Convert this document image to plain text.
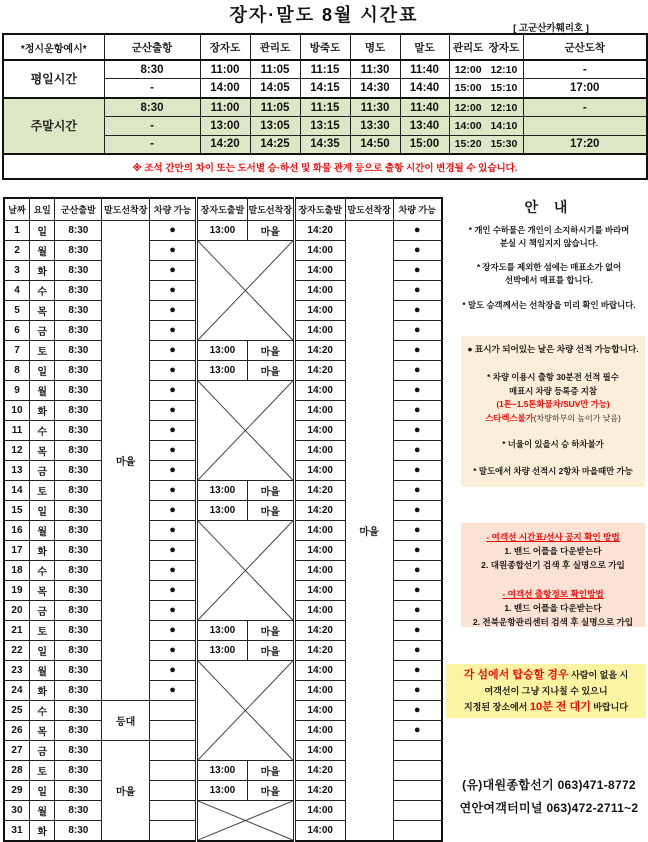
장자·말도 8월 시간표
[ 고군산카훼리호 ]
*정시운항예시*	군산출항	장자도	관리도	방죽도	명도	말도	관리도 장자도	군산도착
평일시간	8:30	11:00	11:05	11:15	11:30	11:40	12:00 12:10	-
	-	14:00	14:05	14:15	14:30	14:40	15:00 15:10	17:00
주말시간	8:30	11:00	11:05	11:15	11:30	11:40	12:00 12:10	-
	-	13:00	13:05	13:15	13:30	13:40	14:00 14:10	
	-	14:20	14:25	14:35	14:50	15:00	15:20 15:30	17:20
※ 조석 간만의 차이 또는 도서별 승·하선 및 화물 관계 등으로 출항 시간이 변경될 수 있습니다.								
날짜	요일	군산출발	말도선착장	차량 가능	장자도출발	말도선착장	장자도출발	말도선착장	차량 가능
1	일	8:30	마을	●	13:00	마을	14:20	마을	●
2	월	8:30		●			14:00		●
3	화	8:30		●			14:00		●
4	수	8:30		●			14:00		●
5	목	8:30		●			14:00		●
6	금	8:30		●			14:00		●
7	토	8:30		●	13:00	마을	14:20		●
8	일	8:30		●	13:00	마을	14:20		●
9	월	8:30		●			14:00		●
10	화	8:30		●			14:00		●
11	수	8:30		●			14:00		●
12	목	8:30		●			14:00		●
13	금	8:30		●			14:00		●
14	토	8:30		●	13:00	마을	14:20		●
15	일	8:30		●	13:00	마을	14:20		●
16	월	8:30		●			14:00		●
17	화	8:30		●			14:00		●
18	수	8:30		●			14:00		●
19	목	8:30		●			14:00		●
20	금	8:30		●			14:00		●
21	토	8:30		●	13:00	마을	14:20		●
22	일	8:30		●	13:00	마을	14:20		●
23	월	8:30		●			14:00		●
24	화	8:30		●			14:00		●
25	수	8:30	등대				14:00		●
26	목	8:30					14:00		●
27	금	8:30	마을				14:00		
28	토	8:30			13:00	마을	14:20		
29	일	8:30			13:00	마을	14:20		
30	월	8:30					14:00		
31	화	8:30					14:00		
안 내
* 개인 수하물은 개인이 소지하시기를 바라며
분실 시 책임지지 않습니다.
* 장자도를 제외한 섬에는 매표소가 없어
선박에서 매표를 합니다.
* 말도 승객께서는 선착장을 미리 확인 바랍니다.
● 표시가 되어있는 날은 차량 선적 가능합니다.
* 차량 이용시 출항 30분전 선적 필수
매표시 차량 등록증 지참
(1톤~1.5톤화물차/SUV만 가능)
스타렉스불가(차량하부의 높이가 낮음)
* 너울이 있을시 승 하차불가
* 말도에서 차량 선적시 2항차 마을때만 가능
- 여객선 시간표/선사 공지 확인 방법
1. 밴드 어플을 다운받는다
2. 대원종합선기 검색 후 실명으로 가입
- 여객선 출항정보 확인방법
1. 밴드 어플을 다운받는다
2. 전북운항관리센터 검색 후 실명으로 가입
각 섬에서 탑승할 경우 사람이 없을 시
여객선이 그냥 지나칠 수 있으니
지정된 장소에서 10분 전 대기 바랍니다
(유)대원종합선기 063)471-8772
연안여객터미널 063)472-2711~2
